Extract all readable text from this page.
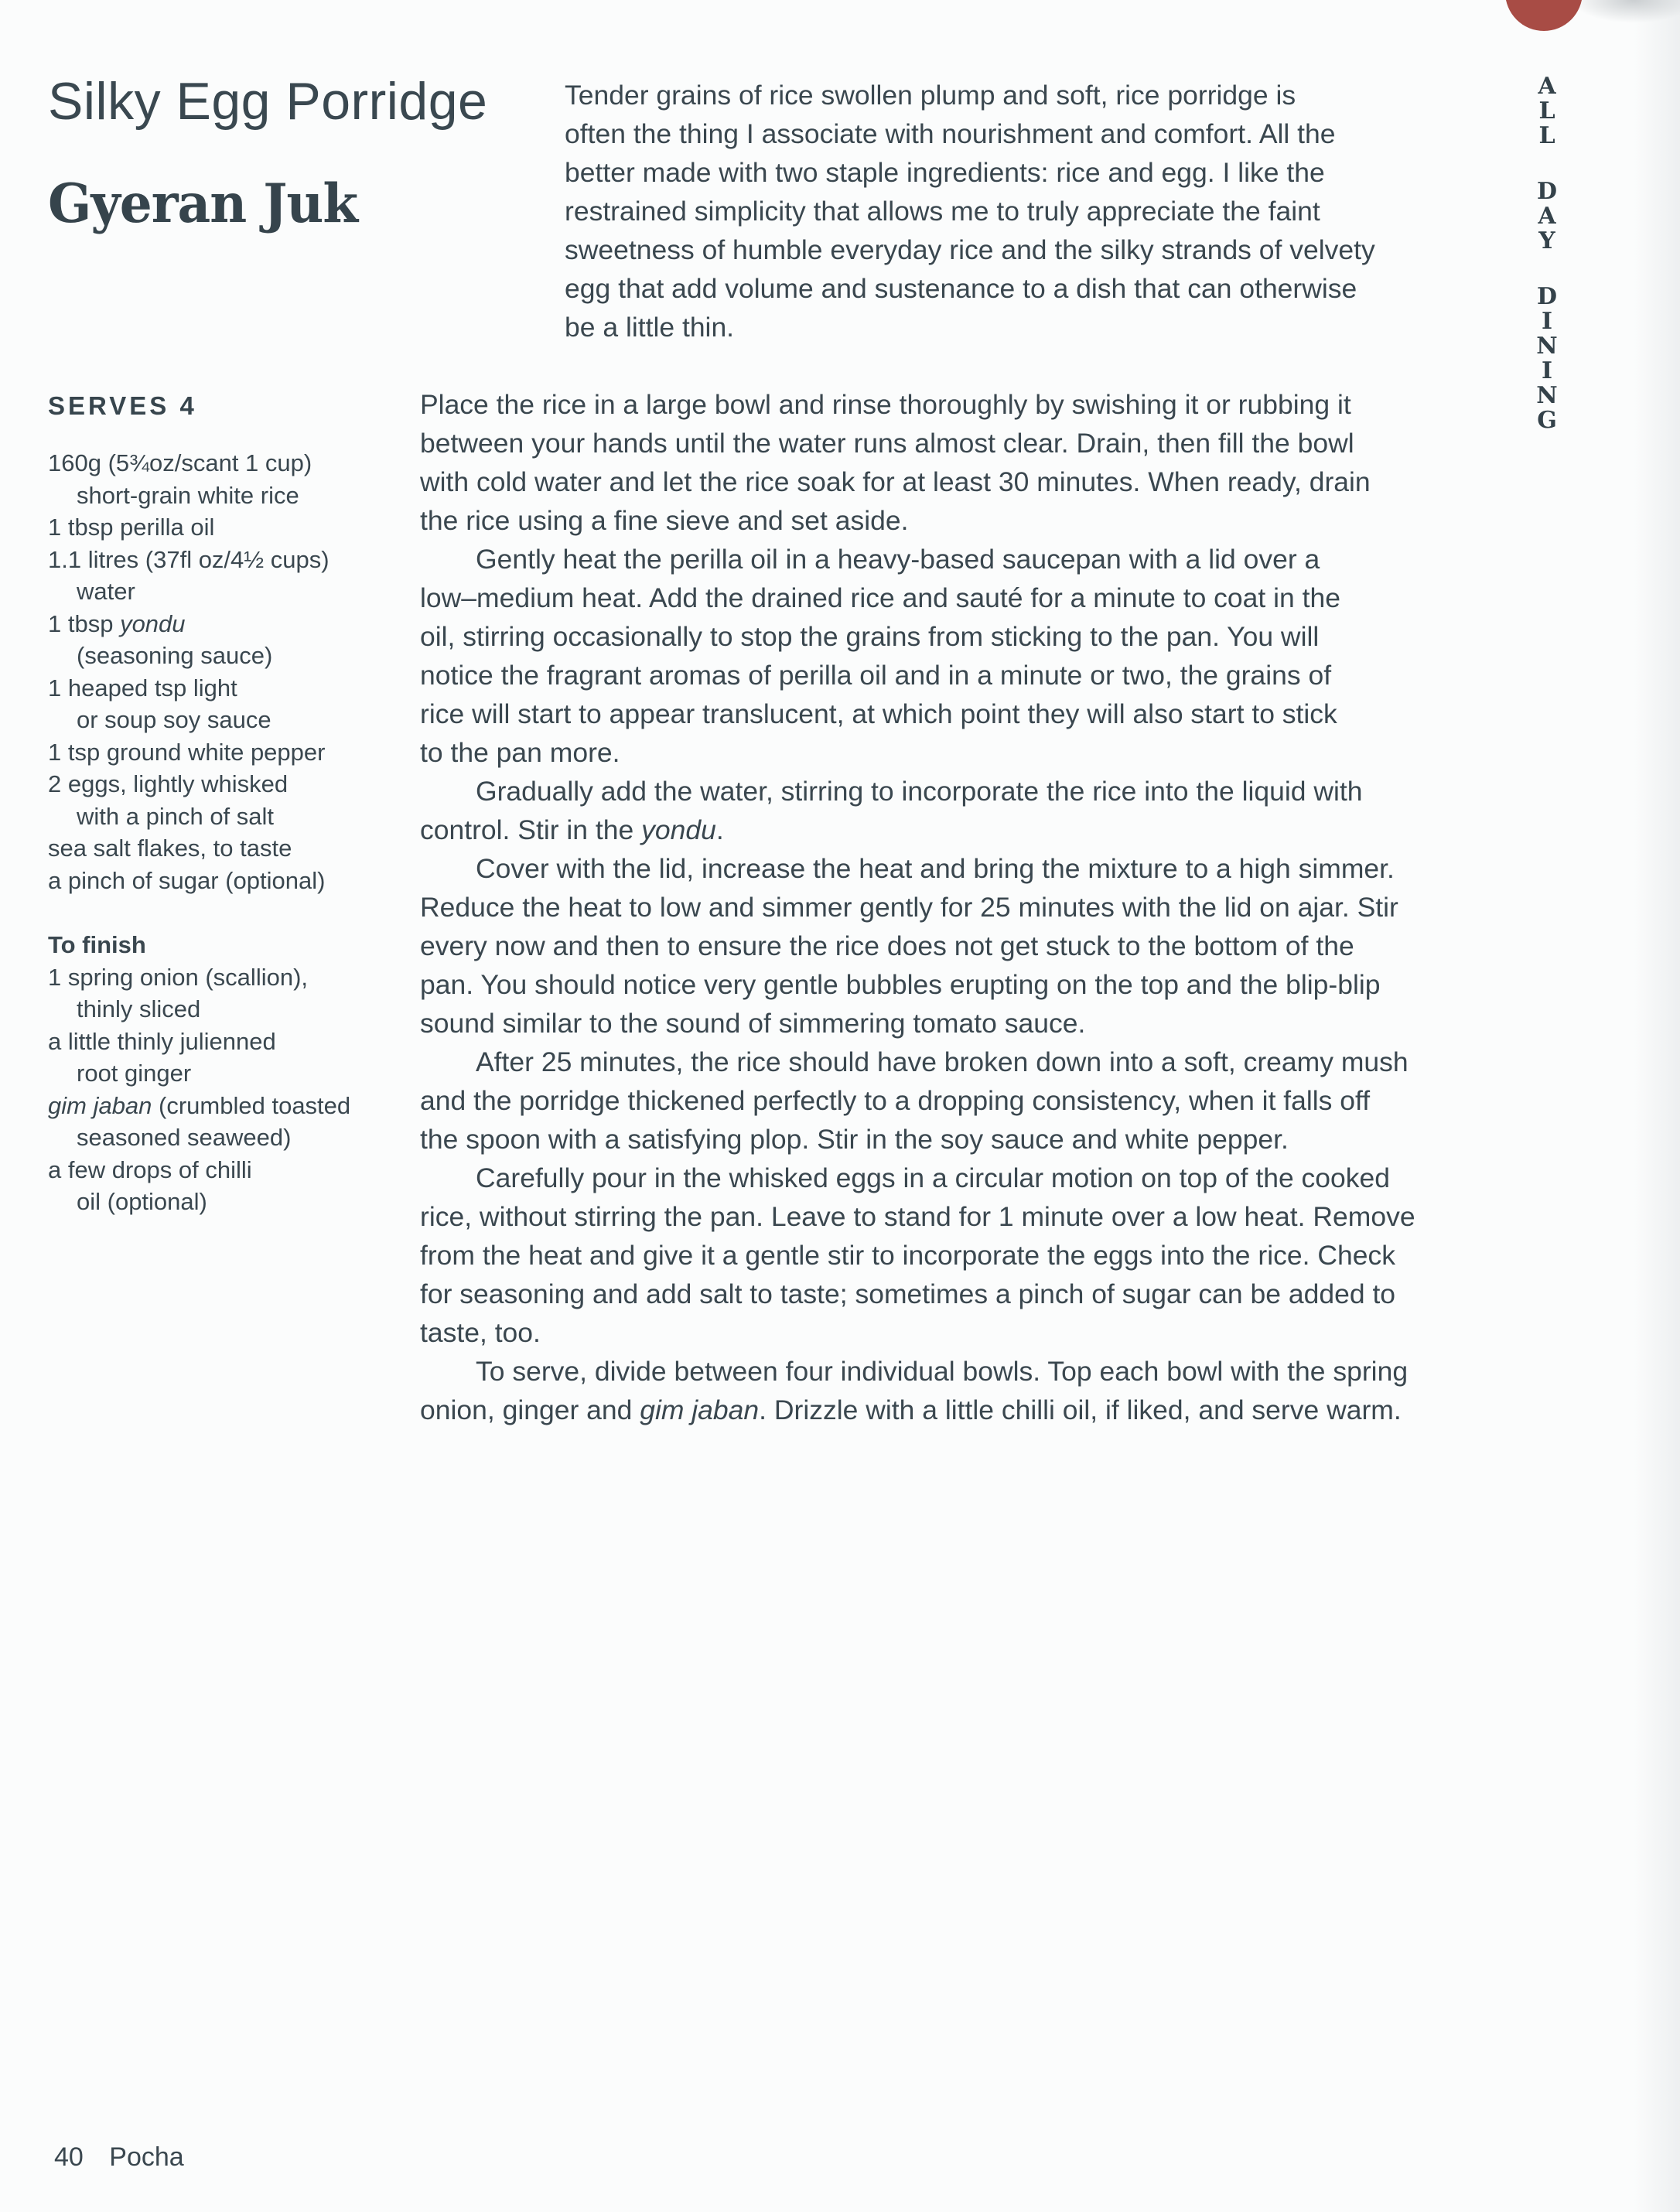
Silky Egg Porridge
Gyeran Juk
Tender grains of rice swollen plump and soft, rice porridge is
often the thing I associate with nourishment and comfort. All the
better made with two staple ingredients: rice and egg. I like the
restrained simplicity that allows me to truly appreciate the faint
sweetness of humble everyday rice and the silky strands of velvety
egg that add volume and sustenance to a dish that can otherwise
be a little thin.
SERVES 4
160g (5¾oz/scant 1 cup)
short-grain white rice
1 tbsp perilla oil
1.1 litres (37fl oz/4½ cups)
water
1 tbsp yondu
(seasoning sauce)
1 heaped tsp light
or soup soy sauce
1 tsp ground white pepper
2 eggs, lightly whisked
with a pinch of salt
sea salt flakes, to taste
a pinch of sugar (optional)
To finish
1 spring onion (scallion),
thinly sliced
a little thinly julienned
root ginger
gim jaban (crumbled toasted
seasoned seaweed)
a few drops of chilli
oil (optional)
Place the rice in a large bowl and rinse thoroughly by swishing it or rubbing it
between your hands until the water runs almost clear. Drain, then fill the bowl
with cold water and let the rice soak for at least 30 minutes. When ready, drain
the rice using a fine sieve and set aside.
Gently heat the perilla oil in a heavy-based saucepan with a lid over a
low–medium heat. Add the drained rice and sauté for a minute to coat in the
oil, stirring occasionally to stop the grains from sticking to the pan. You will
notice the fragrant aromas of perilla oil and in a minute or two, the grains of
rice will start to appear translucent, at which point they will also start to stick
to the pan more.
Gradually add the water, stirring to incorporate the rice into the liquid with
control. Stir in the yondu.
Cover with the lid, increase the heat and bring the mixture to a high simmer.
Reduce the heat to low and simmer gently for 25 minutes with the lid on ajar. Stir
every now and then to ensure the rice does not get stuck to the bottom of the
pan. You should notice very gentle bubbles erupting on the top and the blip-blip
sound similar to the sound of simmering tomato sauce.
After 25 minutes, the rice should have broken down into a soft, creamy mush
and the porridge thickened perfectly to a dropping consistency, when it falls off
the spoon with a satisfying plop. Stir in the soy sauce and white pepper.
Carefully pour in the whisked eggs in a circular motion on top of the cooked
rice, without stirring the pan. Leave to stand for 1 minute over a low heat. Remove
from the heat and give it a gentle stir to incorporate the eggs into the rice. Check
for seasoning and add salt to taste; sometimes a pinch of sugar can be added to
taste, too.
To serve, divide between four individual bowls. Top each bowl with the spring
onion, ginger and gim jaban. Drizzle with a little chilli oil, if liked, and serve warm.
A
L
L
D
A
Y
D
I
N
I
N
G
40 Pocha
